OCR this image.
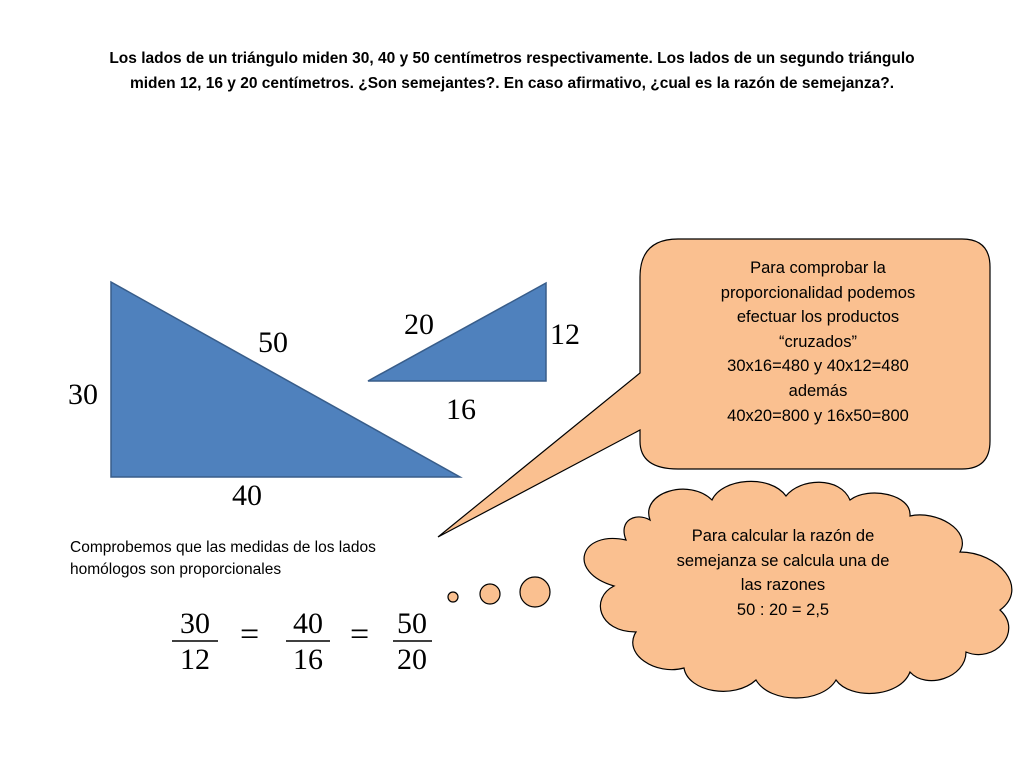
Los lados de un triángulo miden 30, 40 y 50 centímetros respectivamente. Los lados de un segundo triángulo
miden 12, 16 y 20 centímetros. ¿Son semejantes?. En caso afirmativo, ¿cual es la razón de semejanza?.
30
50
40
20	12
16
Comprobemos que las medidas de los lados
homólogos son proporcionales
Para comprobar la
proporcionalidad podemos
efectuar los productos
“cruzados”
30x16=480 y 40x12=480
además
40x20=800 y 16x50=800
Para calcular la razón de
semejanza se calcula una de
las razones
50 : 20 = 2,5
30
12
=	40
16
= 50
20
